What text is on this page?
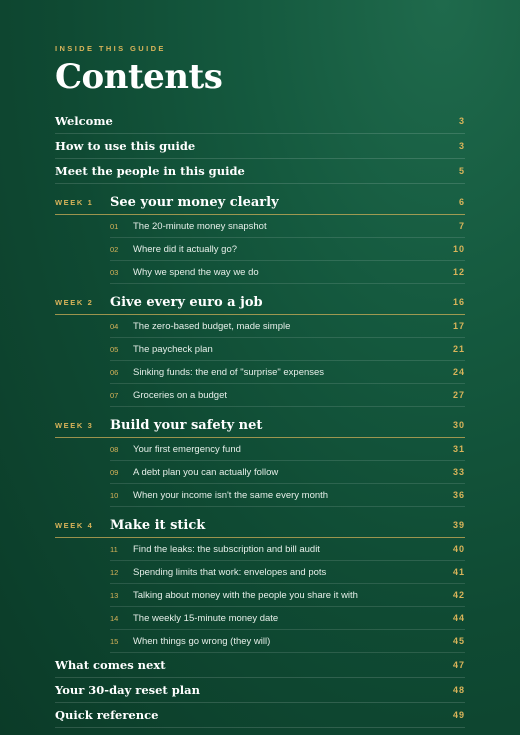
INSIDE THIS GUIDE

Contents
Welcome	3
How to use this guide	3
Meet the people in this guide	5
WEEK 1	See your money clearly	6
01	The 20-minute money snapshot	7
02	Where did it actually go?	10
03	Why we spend the way we do	12
WEEK 2	Give every euro a job	16
04	The zero-based budget, made simple	17
05	The paycheck plan	21
06	Sinking funds: the end of "surprise" expenses	24
07	Groceries on a budget	27
WEEK 3	Build your safety net	30
08	Your first emergency fund	31
09	A debt plan you can actually follow	33
10	When your income isn't the same every month	36
WEEK 4	Make it stick	39
11	Find the leaks: the subscription and bill audit	40
12	Spending limits that work: envelopes and pots	41
13	Talking about money with the people you share it with	42
14	The weekly 15-minute money date	44
15	When things go wrong (they will)	45
What comes next	47
Your 30-day reset plan	48
Quick reference	49
